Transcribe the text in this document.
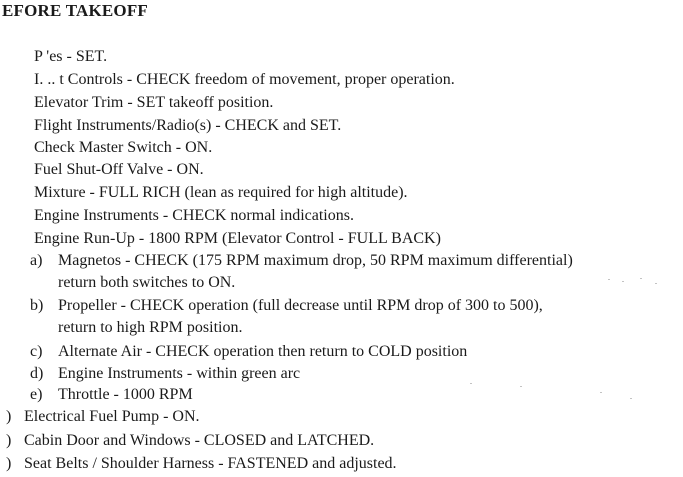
EFORE TAKEOFF
P 'es - SET.
I. .. t Controls - CHECK freedom of movement, proper operation.
Elevator Trim - SET takeoff position.
Flight Instruments/Radio(s) - CHECK and SET.
Check Master Switch - ON.
Fuel Shut-Off Valve - ON.
Mixture - FULL RICH (lean as required for high altitude).
Engine Instruments - CHECK normal indications.
Engine Run-Up - 1800 RPM (Elevator Control - FULL BACK)
a) Magnetos - CHECK (175 RPM maximum drop, 50 RPM maximum differential)
return both switches to ON.
b) Propeller - CHECK operation (full decrease until RPM drop of 300 to 500),
return to high RPM position.
c) Alternate Air - CHECK operation then return to COLD position
d) Engine Instruments - within green arc
e) Throttle - 1000 RPM
) Electrical Fuel Pump - ON.
) Cabin Door and Windows - CLOSED and LATCHED.
) Seat Belts / Shoulder Harness - FASTENED and adjusted.
